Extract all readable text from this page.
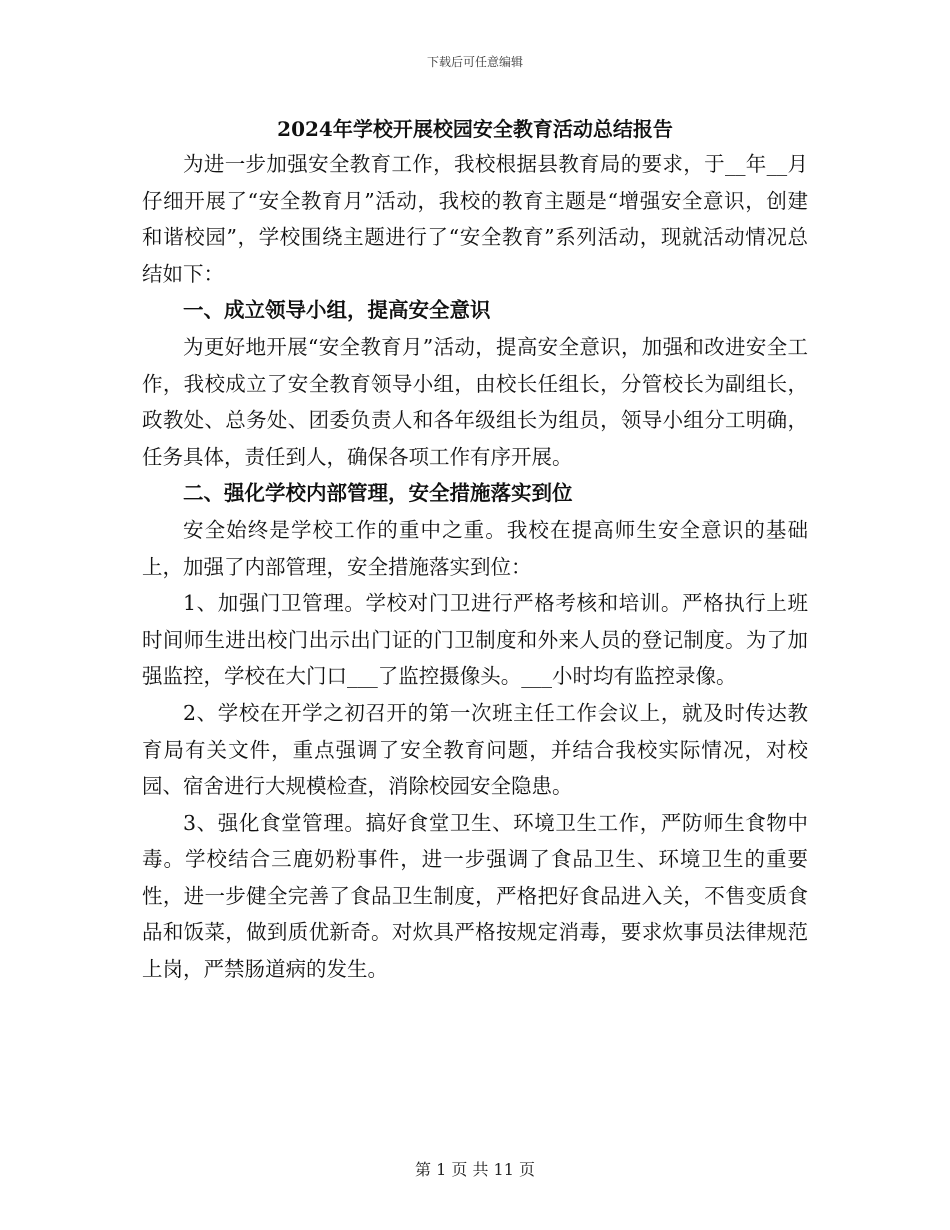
下载后可任意编辑
2024年学校开展校园安全教育活动总结报告

为进一步加强安全教育工作，我校根据县教育局的要求，于__年__月仔细开展了“安全教育月”活动，我校的教育主题是“增强安全意识，创建和谐校园”，学校围绕主题进行了“安全教育”系列活动，现就活动情况总结如下：

一、成立领导小组，提高安全意识

为更好地开展“安全教育月”活动，提高安全意识，加强和改进安全工作，我校成立了安全教育领导小组，由校长任组长，分管校长为副组长，政教处、总务处、团委负责人和各年级组长为组员，领导小组分工明确，任务具体，责任到人，确保各项工作有序开展。

二、强化学校内部管理，安全措施落实到位

安全始终是学校工作的重中之重。我校在提高师生安全意识的基础上，加强了内部管理，安全措施落实到位：

1、加强门卫管理。学校对门卫进行严格考核和培训。严格执行上班时间师生进出校门出示出门证的门卫制度和外来人员的登记制度。为了加强监控，学校在大门口___了监控摄像头。___小时均有监控录像。

2、学校在开学之初召开的第一次班主任工作会议上，就及时传达教育局有关文件，重点强调了安全教育问题，并结合我校实际情况，对校园、宿舍进行大规模检查，消除校园安全隐患。

3、强化食堂管理。搞好食堂卫生、环境卫生工作，严防师生食物中毒。学校结合三鹿奶粉事件，进一步强调了食品卫生、环境卫生的重要性，进一步健全完善了食品卫生制度，严格把好食品进入关，不售变质食品和饭菜，做到质优新奇。对炊具严格按规定消毒，要求炊事员法律规范上岗，严禁肠道病的发生。

第 1 页 共 11 页
